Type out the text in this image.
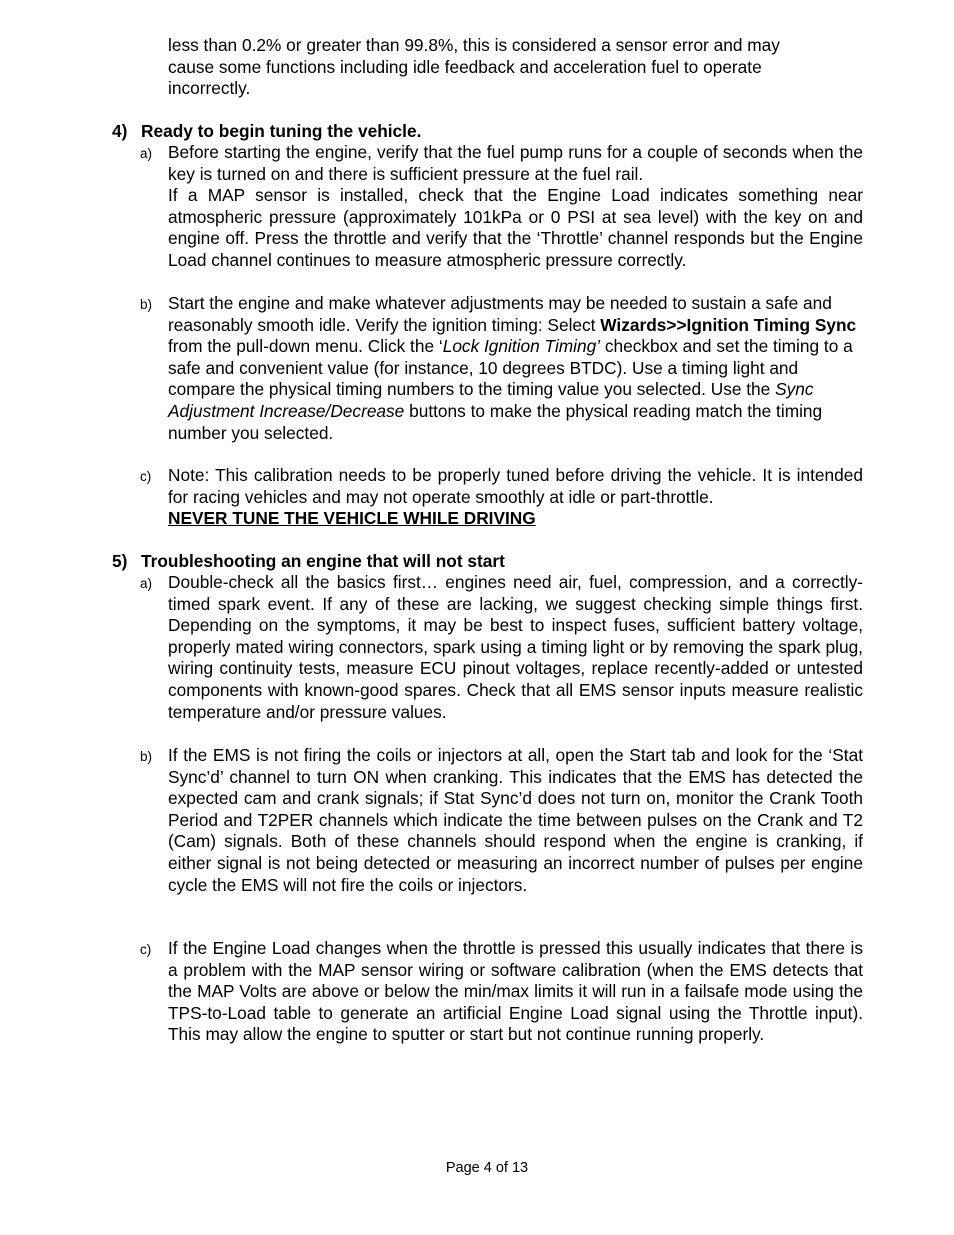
less than 0.2% or greater than 99.8%, this is considered a sensor error and may
cause some functions including idle feedback and acceleration fuel to operate
incorrectly.
4) Ready to begin tuning the vehicle.
a) Before starting the engine, verify that the fuel pump runs for a couple of seconds when the key is turned on and there is sufficient pressure at the fuel rail.
If a MAP sensor is installed, check that the Engine Load indicates something near atmospheric pressure (approximately 101kPa or 0 PSI at sea level) with the key on and engine off. Press the throttle and verify that the ‘Throttle’ channel responds but the Engine Load channel continues to measure atmospheric pressure correctly.
b) Start the engine and make whatever adjustments may be needed to sustain a safe and reasonably smooth idle. Verify the ignition timing: Select Wizards>>Ignition Timing Sync from the pull-down menu. Click the ‘Lock Ignition Timing’ checkbox and set the timing to a safe and convenient value (for instance, 10 degrees BTDC). Use a timing light and compare the physical timing numbers to the timing value you selected. Use the Sync Adjustment Increase/Decrease buttons to make the physical reading match the timing number you selected.
c) Note: This calibration needs to be properly tuned before driving the vehicle. It is intended for racing vehicles and may not operate smoothly at idle or part-throttle.
NEVER TUNE THE VEHICLE WHILE DRIVING
5) Troubleshooting an engine that will not start
a) Double-check all the basics first… engines need air, fuel, compression, and a correctly-timed spark event. If any of these are lacking, we suggest checking simple things first. Depending on the symptoms, it may be best to inspect fuses, sufficient battery voltage, properly mated wiring connectors, spark using a timing light or by removing the spark plug, wiring continuity tests, measure ECU pinout voltages, replace recently-added or untested components with known-good spares. Check that all EMS sensor inputs measure realistic temperature and/or pressure values.
b) If the EMS is not firing the coils or injectors at all, open the Start tab and look for the ‘Stat Sync’d’ channel to turn ON when cranking. This indicates that the EMS has detected the expected cam and crank signals; if Stat Sync’d does not turn on, monitor the Crank Tooth Period and T2PER channels which indicate the time between pulses on the Crank and T2 (Cam) signals. Both of these channels should respond when the engine is cranking, if either signal is not being detected or measuring an incorrect number of pulses per engine cycle the EMS will not fire the coils or injectors.
c) If the Engine Load changes when the throttle is pressed this usually indicates that there is a problem with the MAP sensor wiring or software calibration (when the EMS detects that the MAP Volts are above or below the min/max limits it will run in a failsafe mode using the TPS-to-Load table to generate an artificial Engine Load signal using the Throttle input). This may allow the engine to sputter or start but not continue running properly.
Page 4 of 13
